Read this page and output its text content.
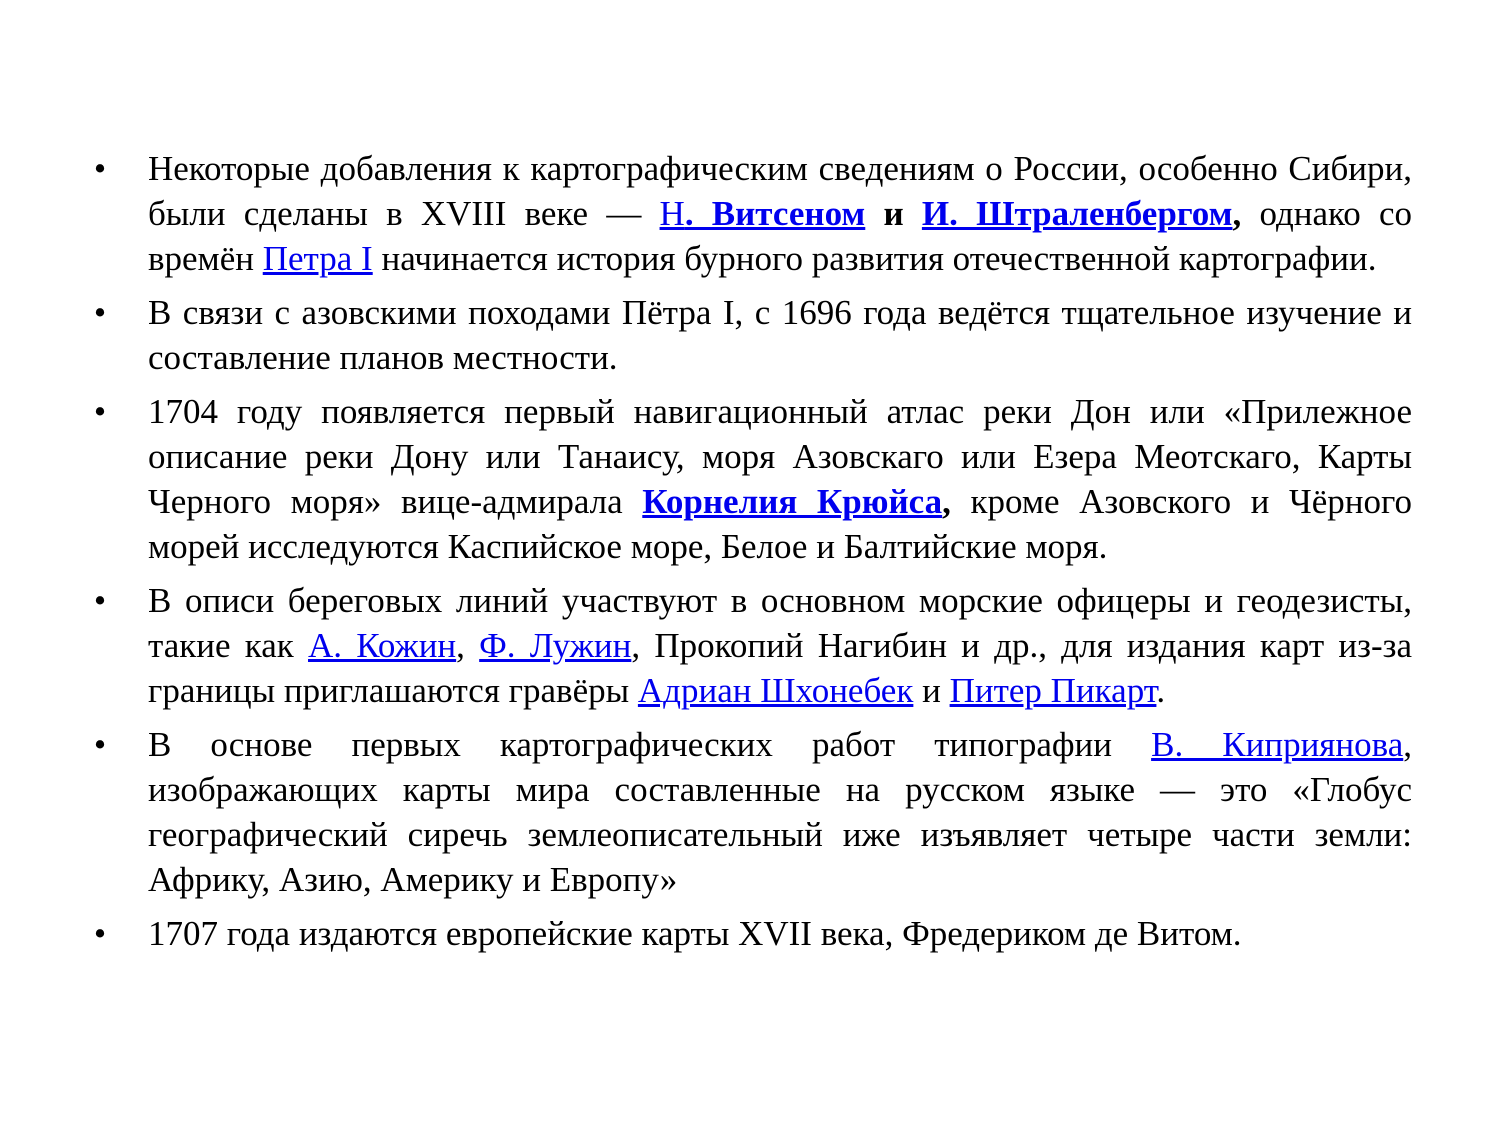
• Некоторые добавления к картографическим сведениям о России, особенно Сибири, были сделаны в XVIII веке — Н. Витсеном и И. Штраленбергом, однако со времён Петра I начинается история бурного развития отечественной картографии.
• В связи с азовскими походами Пётра I, с 1696 года ведётся тщательное изучение и составление планов местности.
• 1704 году появляется первый навигационный атлас реки Дон или «Прилежное описание реки Дону или Танаису, моря Азовскаго или Езера Меотскаго, Карты Черного моря» вице-адмирала Корнелия Крюйса, кроме Азовского и Чёрного морей исследуются Каспийское море, Белое и Балтийские моря.
• В описи береговых линий участвуют в основном морские офицеры и геодезисты, такие как А. Кожин, Ф. Лужин, Прокопий Нагибин и др., для издания карт из-за границы приглашаются гравёры Адриан Шхонебек и Питер Пикарт.
• В основе первых картографических работ типографии В. Киприянова, изображающих карты мира составленные на русском языке — это «Глобус географический сиречь землеописательный иже изъявляет четыре части земли: Африку, Азию, Америку и Европу»
• 1707 года издаются европейские карты XVII века, Фредериком де Витом.
